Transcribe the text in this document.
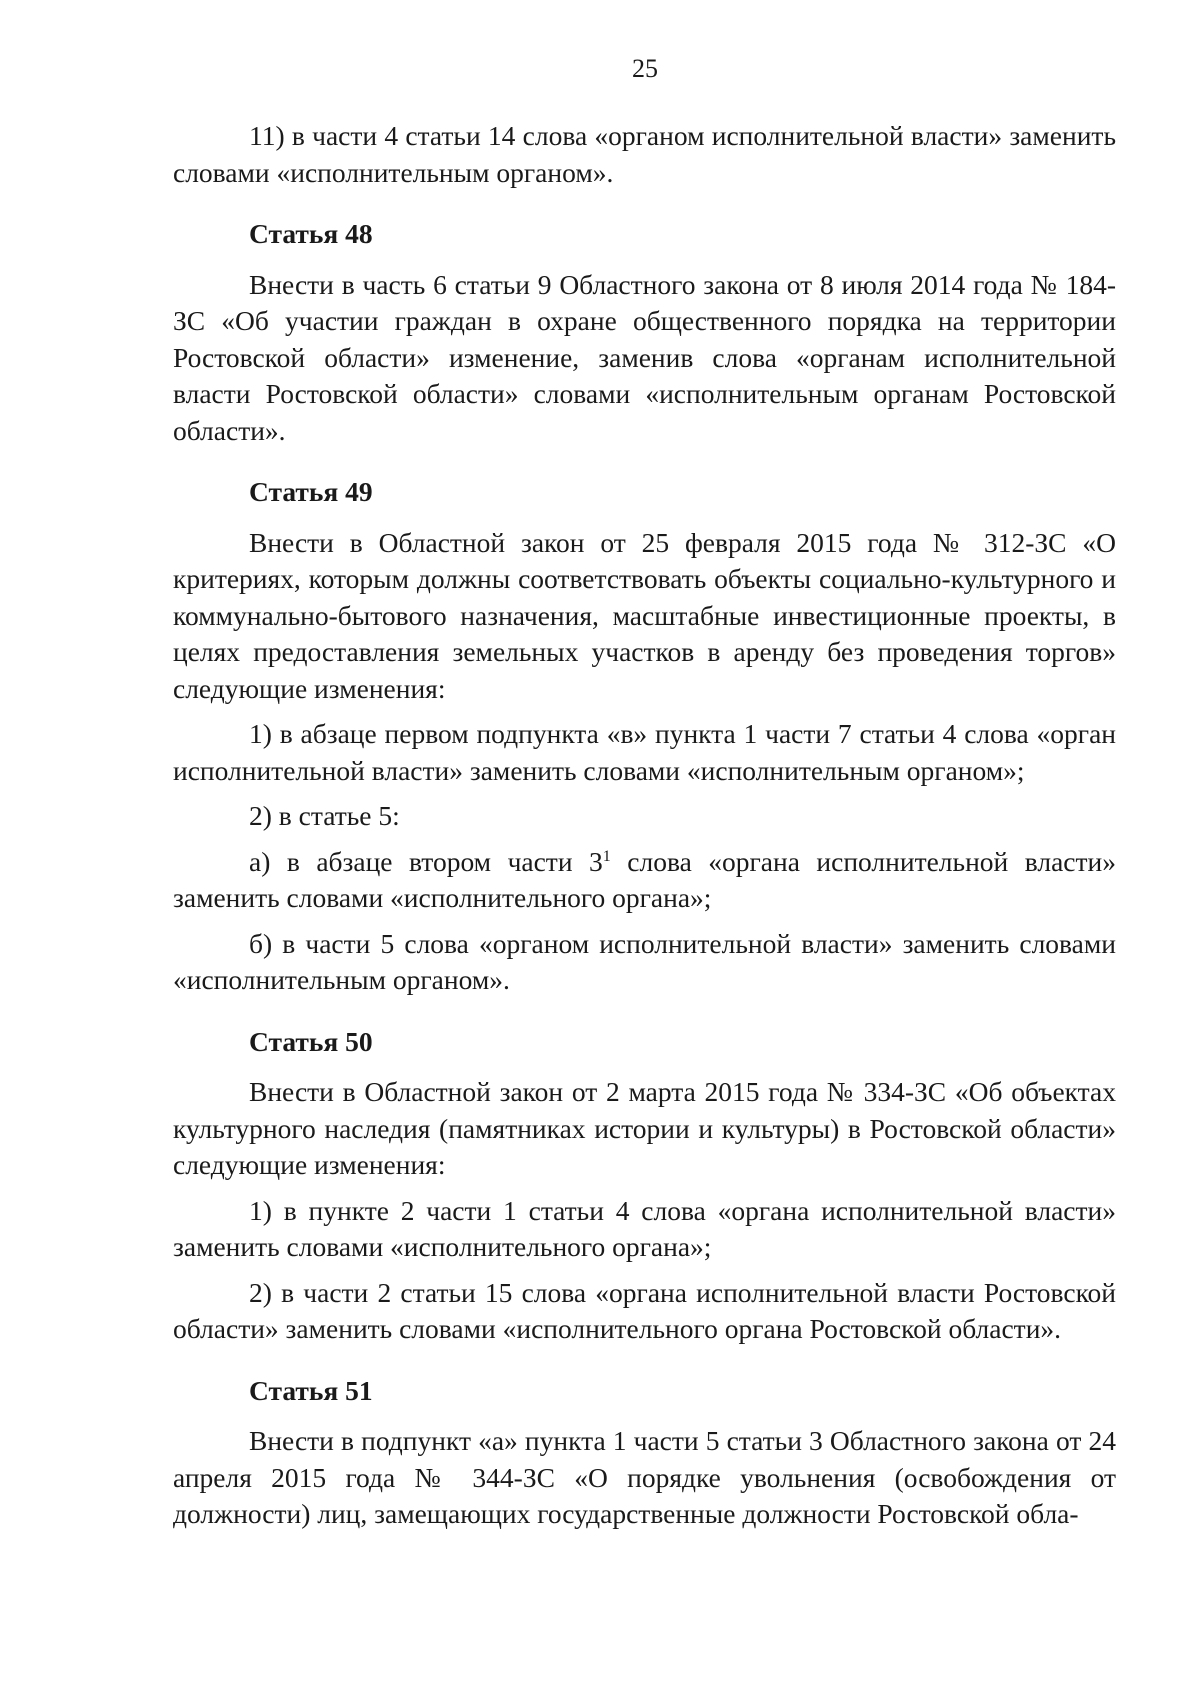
25

11) в части 4 статьи 14 слова «органом исполнительной власти» заменить словами «исполнительным органом».

Статья 48

Внести в часть 6 статьи 9 Областного закона от 8 июля 2014 года № 184-ЗС «Об участии граждан в охране общественного порядка на территории Ростовской области» изменение, заменив слова «органам исполнительной власти Ростовской области» словами «исполнительным органам Ростовской области».

Статья 49

Внести в Областной закон от 25 февраля 2015 года № 312-ЗС «О критериях, которым должны соответствовать объекты социально-культурного и коммунально-бытового назначения, масштабные инвестиционные проекты, в целях предоставления земельных участков в аренду без проведения торгов» следующие изменения:

1) в абзаце первом подпункта «в» пункта 1 части 7 статьи 4 слова «орган исполнительной власти» заменить словами «исполнительным органом»;

2) в статье 5:

а) в абзаце втором части $3^1$ слова «органа исполнительной власти» заменить словами «исполнительного органа»;

б) в части 5 слова «органом исполнительной власти» заменить словами «исполнительным органом».

Статья 50

Внести в Областной закон от 2 марта 2015 года № 334-ЗС «Об объектах культурного наследия (памятниках истории и культуры) в Ростовской области» следующие изменения:

1) в пункте 2 части 1 статьи 4 слова «органа исполнительной власти» заменить словами «исполнительного органа»;

2) в части 2 статьи 15 слова «органа исполнительной власти Ростовской области» заменить словами «исполнительного органа Ростовской области».

Статья 51

Внести в подпункт «а» пункта 1 части 5 статьи 3 Областного закона от 24 апреля 2015 года № 344-ЗС «О порядке увольнения (освобождения от должности) лиц, замещающих государственные должности Ростовской обла-
